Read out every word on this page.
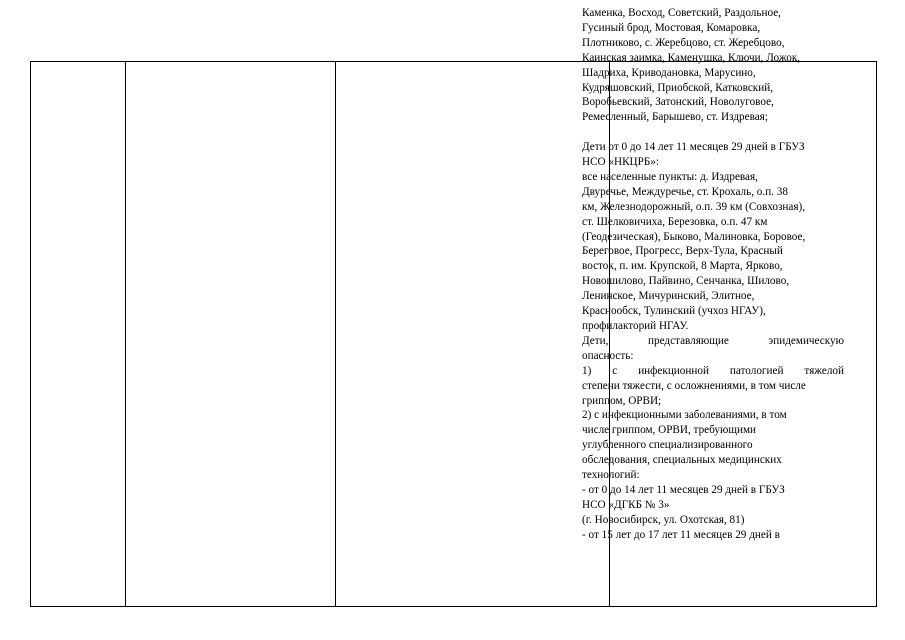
Каменка, Восход, Советский, Раздольное,
Гусиный брод, Мостовая, Комаровка,
Плотниково, с. Жеребцово, ст. Жеребцово,
Каинская заимка, Каменушка, Ключи, Ложок,
Шадриха, Криводановка, Марусино,
Кудряшовский, Приобской, Катковский,
Воробьевский, Затонский, Новолуговое,
Ремесленный, Барышево, ст. Издревая;
Дети от 0 до 14 лет 11 месяцев 29 дней в ГБУЗ
НСО «НКЦРБ»:
все населенные пункты: д. Издревая,
Двуречье, Междуречье, ст. Крохаль, о.п. 38
км, Железнодорожный, о.п. 39 км (Совхозная),
ст. Шелковичиха, Березовка, о.п. 47 км
(Геодезическая), Быково, Малиновка, Боровое,
Береговое, Прогресс, Верх-Тула, Красный
восток, п. им. Крупской, 8 Марта, Ярково,
Новошилово, Пайвино, Сенчанка, Шилово,
Ленинское, Мичуринский, Элитное,
Краснообск, Тулинский (учхоз НГАУ),
профилакторий НГАУ.
Дети, представляющие эпидемическую
опасность:
1) с инфекционной патологией тяжелой
степени тяжести, с осложнениями, в том числе
гриппом, ОРВИ;
2) с инфекционными заболеваниями, в том
числе гриппом, ОРВИ, требующими
углубленного специализированного
обследования, специальных медицинских
технологий:
- от 0 до 14 лет 11 месяцев 29 дней в ГБУЗ
НСО «ДГКБ № 3»
(г. Новосибирск, ул. Охотская, 81)
- от 15 лет до 17 лет 11 месяцев 29 дней в
